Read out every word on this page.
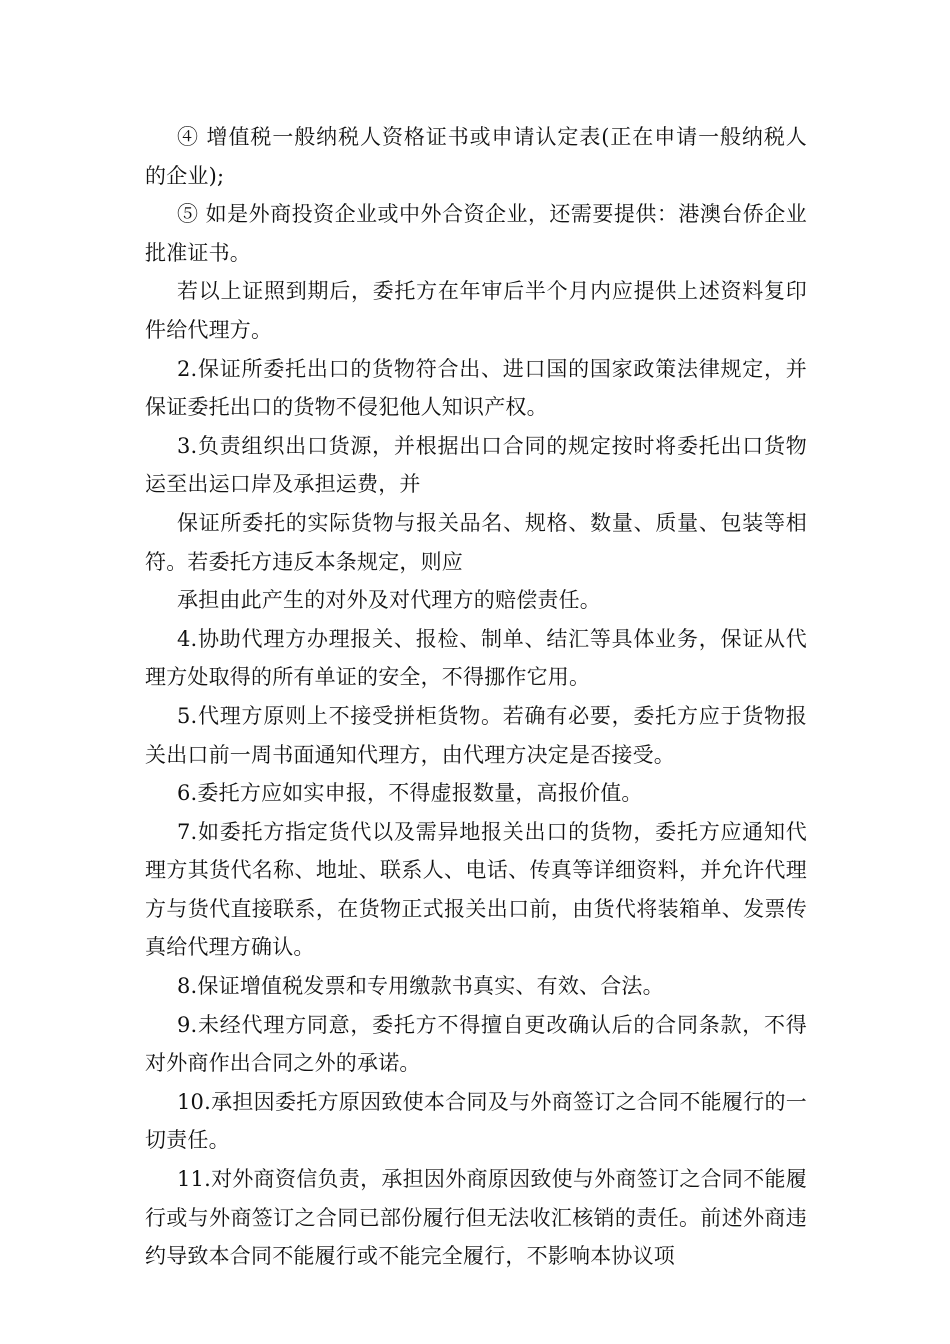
④ 增值税一般纳税人资格证书或申请认定表(正在申请一般纳税人的企业);

⑤ 如是外商投资企业或中外合资企业，还需要提供：港澳台侨企业批准证书。

若以上证照到期后，委托方在年审后半个月内应提供上述资料复印件给代理方。

2.保证所委托出口的货物符合出、进口国的国家政策法律规定，并保证委托出口的货物不侵犯他人知识产权。

3.负责组织出口货源，并根据出口合同的规定按时将委托出口货物运至出运口岸及承担运费，并

保证所委托的实际货物与报关品名、规格、数量、质量、包装等相符。若委托方违反本条规定，则应

承担由此产生的对外及对代理方的赔偿责任。

4.协助代理方办理报关、报检、制单、结汇等具体业务，保证从代理方处取得的所有单证的安全，不得挪作它用。

5.代理方原则上不接受拼柜货物。若确有必要，委托方应于货物报关出口前一周书面通知代理方，由代理方决定是否接受。

6.委托方应如实申报，不得虚报数量，高报价值。

7.如委托方指定货代以及需异地报关出口的货物，委托方应通知代理方其货代名称、地址、联系人、电话、传真等详细资料，并允许代理方与货代直接联系，在货物正式报关出口前，由货代将装箱单、发票传真给代理方确认。

8.保证增值税发票和专用缴款书真实、有效、合法。

9.未经代理方同意，委托方不得擅自更改确认后的合同条款，不得对外商作出合同之外的承诺。

10.承担因委托方原因致使本合同及与外商签订之合同不能履行的一切责任。

11.对外商资信负责，承担因外商原因致使与外商签订之合同不能履行或与外商签订之合同已部份履行但无法收汇核销的责任。前述外商违约导致本合同不能履行或不能完全履行，不影响本协议项
